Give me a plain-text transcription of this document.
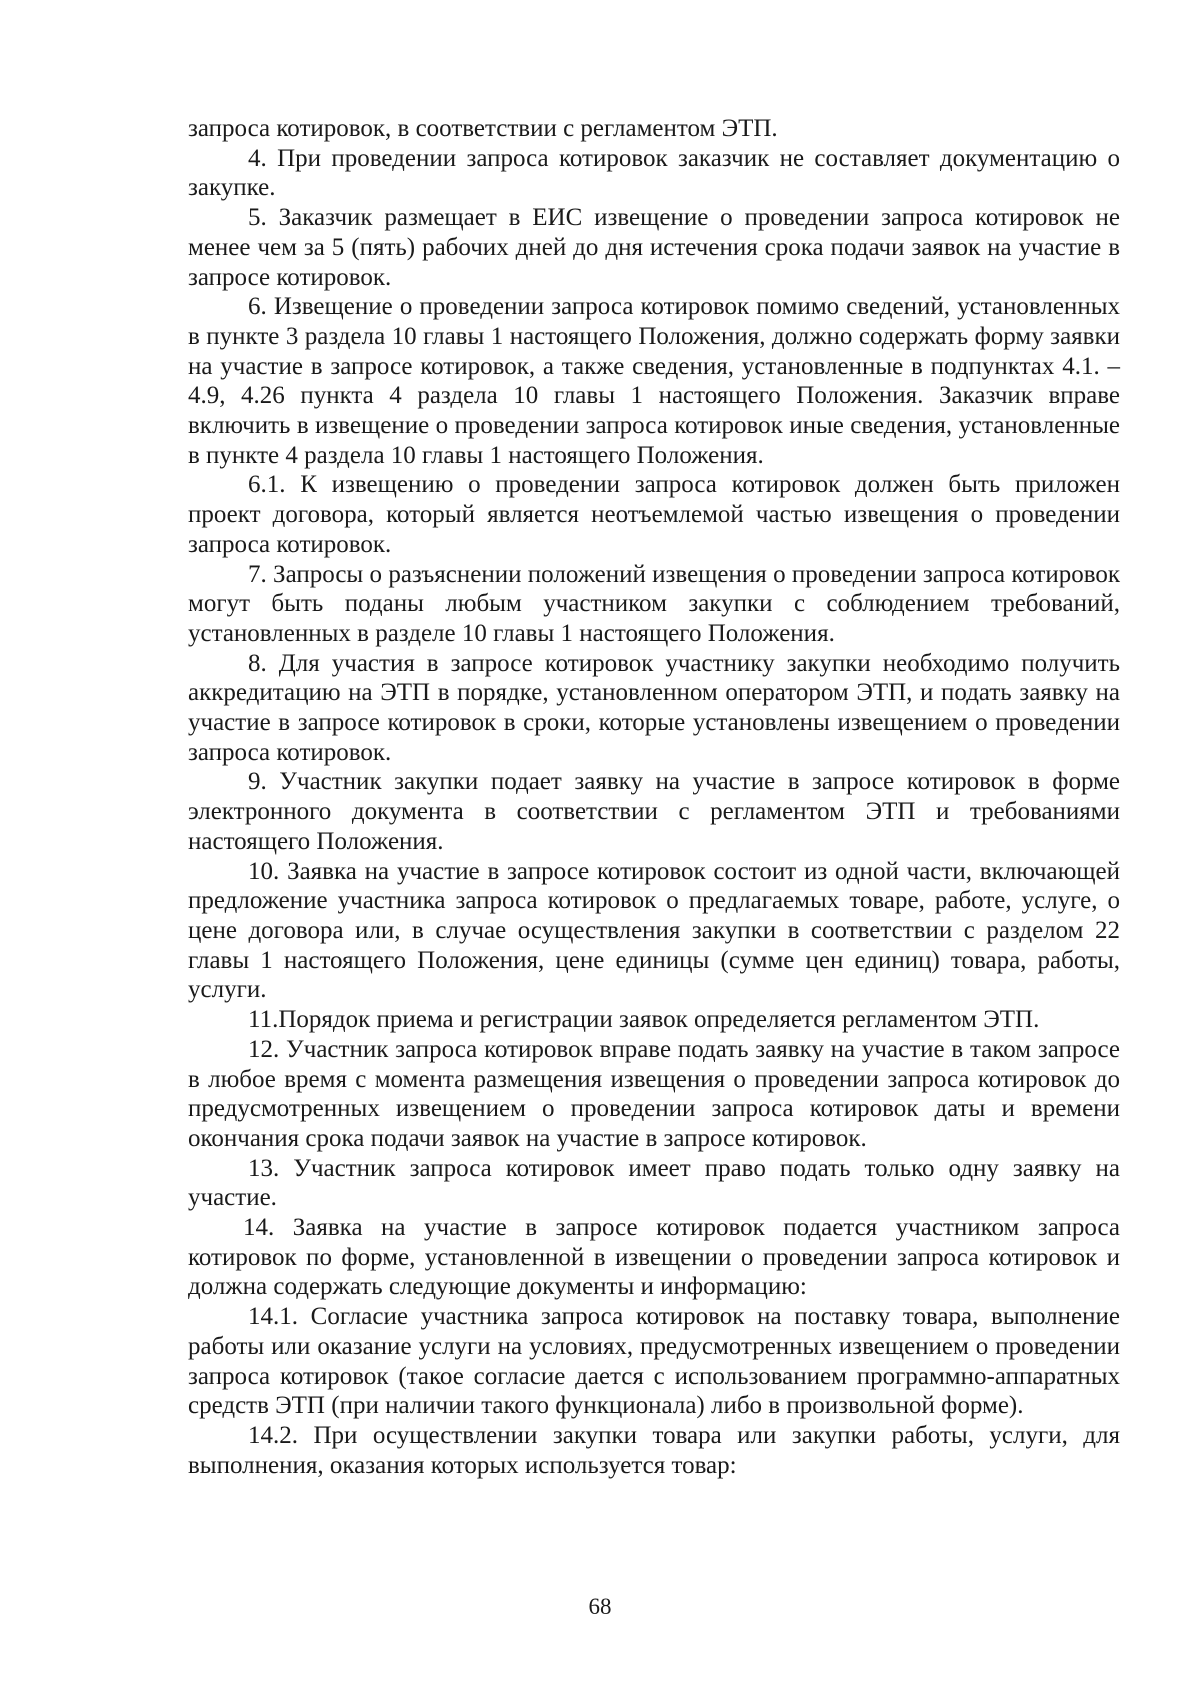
запроса котировок, в соответствии с регламентом ЭТП.

4. При проведении запроса котировок заказчик не составляет документацию о закупке.

5. Заказчик размещает в ЕИС извещение о проведении запроса котировок не менее чем за 5 (пять) рабочих дней до дня истечения срока подачи заявок на участие в запросе котировок.

6. Извещение о проведении запроса котировок помимо сведений, установленных в пункте 3 раздела 10 главы 1 настоящего Положения, должно содержать форму заявки на участие в запросе котировок, а также сведения, установленные в подпунктах 4.1. – 4.9, 4.26 пункта 4 раздела 10 главы 1 настоящего Положения. Заказчик вправе включить в извещение о проведении запроса котировок иные сведения, установленные в пункте 4 раздела 10 главы 1 настоящего Положения.

6.1. К извещению о проведении запроса котировок должен быть приложен проект договора, который является неотъемлемой частью извещения о проведении запроса котировок.

7. Запросы о разъяснении положений извещения о проведении запроса котировок могут быть поданы любым участником закупки с соблюдением требований, установленных в разделе 10 главы 1 настоящего Положения.

8. Для участия в запросе котировок участнику закупки необходимо получить аккредитацию на ЭТП в порядке, установленном оператором ЭТП, и подать заявку на участие в запросе котировок в сроки, которые установлены извещением о проведении запроса котировок.

9. Участник закупки подает заявку на участие в запросе котировок в форме электронного документа в соответствии с регламентом ЭТП и требованиями настоящего Положения.

10. Заявка на участие в запросе котировок состоит из одной части, включающей предложение участника запроса котировок о предлагаемых товаре, работе, услуге, о цене договора или, в случае осуществления закупки в соответствии с разделом 22 главы 1 настоящего Положения, цене единицы (сумме цен единиц) товара, работы, услуги.

11.Порядок приема и регистрации заявок определяется регламентом ЭТП.

12. Участник запроса котировок вправе подать заявку на участие в таком запросе в любое время с момента размещения извещения о проведении запроса котировок до предусмотренных извещением о проведении запроса котировок даты и времени окончания срока подачи заявок на участие в запросе котировок.

13. Участник запроса котировок имеет право подать только одну заявку на участие.

14. Заявка на участие в запросе котировок подается участником запроса котировок по форме, установленной в извещении о проведении запроса котировок и должна содержать следующие документы и информацию:

14.1. Согласие участника запроса котировок на поставку товара, выполнение работы или оказание услуги на условиях, предусмотренных извещением о проведении запроса котировок (такое согласие дается с использованием программно-аппаратных средств ЭТП (при наличии такого функционала) либо в произвольной форме).

14.2. При осуществлении закупки товара или закупки работы, услуги, для выполнения, оказания которых используется товар:

68
